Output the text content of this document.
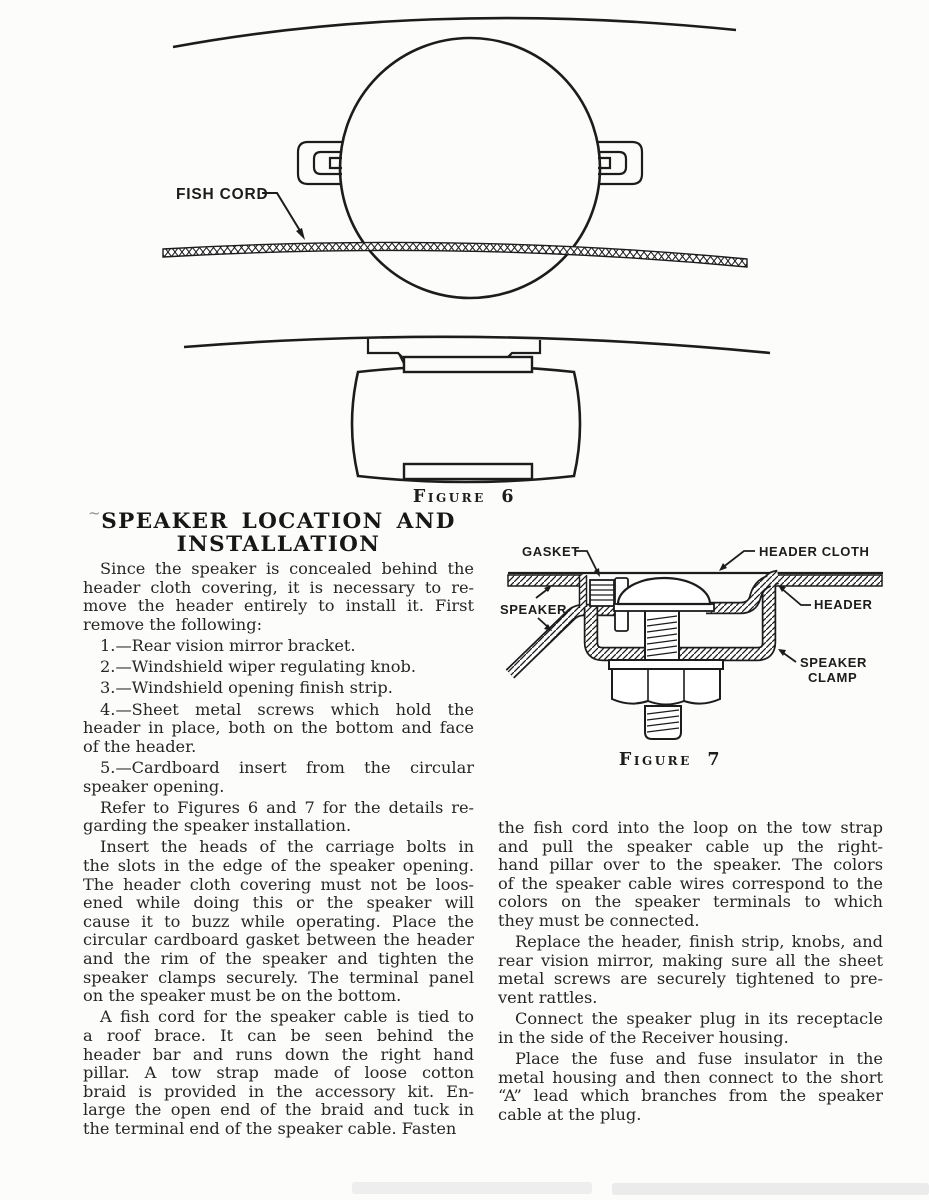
FISH CORD
Figure 6
~ SPEAKER LOCATION AND
INSTALLATION
Since the speaker is concealed behind the
header cloth covering, it is necessary to re-
move the header entirely to install it. First
remove the following:
1.—Rear vision mirror bracket.
2.—Windshield wiper regulating knob.
3.—Windshield opening finish strip.
4.—Sheet metal screws which hold the
header in place, both on the bottom and face
of the header.
5.—Cardboard insert from the circular
speaker opening.
Refer to Figures 6 and 7 for the details re-
garding the speaker installation.
Insert the heads of the carriage bolts in
the slots in the edge of the speaker opening.
The header cloth covering must not be loos-
ened while doing this or the speaker will
cause it to buzz while operating. Place the
circular cardboard gasket between the header
and the rim of the speaker and tighten the
speaker clamps securely. The terminal panel
on the speaker must be on the bottom.
A fish cord for the speaker cable is tied to
a roof brace. It can be seen behind the
header bar and runs down the right hand
pillar. A tow strap made of loose cotton
braid is provided in the accessory kit. En-
large the open end of the braid and tuck in
the terminal end of the speaker cable. Fasten
the fish cord into the loop on the tow strap
and pull the speaker cable up the right-
hand pillar over to the speaker. The colors
of the speaker cable wires correspond to the
colors on the speaker terminals to which
they must be connected.
Replace the header, finish strip, knobs, and
rear vision mirror, making sure all the sheet
metal screws are securely tightened to pre-
vent rattles.
Connect the speaker plug in its receptacle
in the side of the Receiver housing.
Place the fuse and fuse insulator in the
metal housing and then connect to the short
“A” lead which branches from the speaker
cable at the plug.
GASKET	HEADER CLOTH
SPEAKER	HEADER
SPEAKER
CLAMP
Figure 7
